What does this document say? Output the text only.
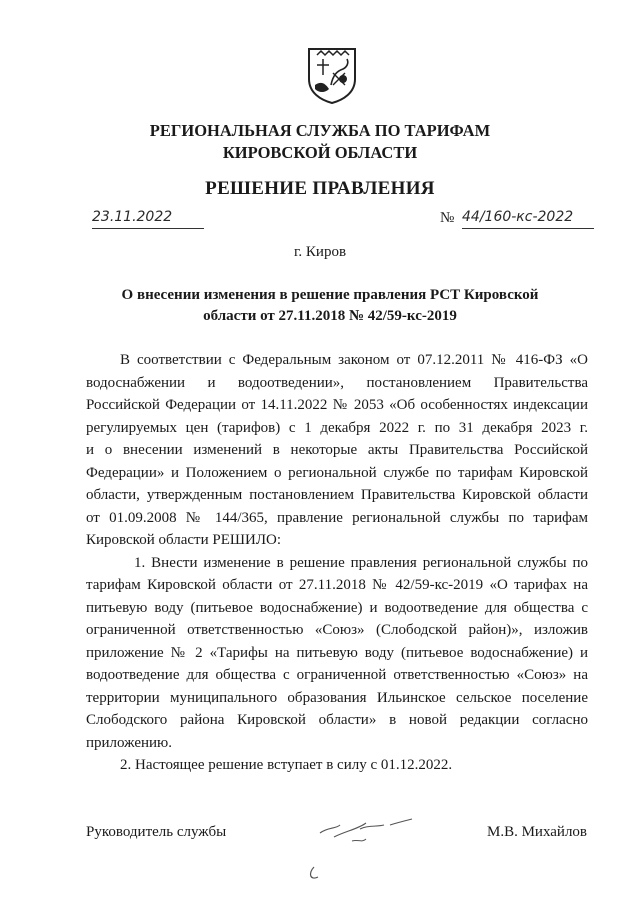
РЕГИОНАЛЬНАЯ СЛУЖБА ПО ТАРИФАМ
КИРОВСКОЙ ОБЛАСТИ
РЕШЕНИЕ ПРАВЛЕНИЯ
23.11.2022	№ 44/160-кс-2022
г. Киров
О внесении изменения в решение правления РСТ Кировской
области от 27.11.2018 № 42/59-кс-2019
В соответствии с Федеральным законом от 07.12.2011 № 416-ФЗ «О
водоснабжении и водоотведении», постановлением Правительства
Российской Федерации от 14.11.2022 № 2053 «Об особенностях индексации
регулируемых цен (тарифов) с 1 декабря 2022 г. по 31 декабря 2023 г.
и о внесении изменений в некоторые акты Правительства Российской
Федерации» и Положением о региональной службе по тарифам Кировской
области, утвержденным постановлением Правительства Кировской области
от 01.09.2008 № 144/365, правление региональной службы по тарифам
Кировской области РЕШИЛО:
1. Внести изменение в решение правления региональной службы по
тарифам Кировской области от 27.11.2018 № 42/59-кс-2019 «О тарифах на
питьевую воду (питьевое водоснабжение) и водоотведение для общества с
ограниченной ответственностью «Союз» (Слободской район)», изложив
приложение № 2 «Тарифы на питьевую воду (питьевое водоснабжение) и
водоотведение для общества с ограниченной ответственностью «Союз» на
территории муниципального образования Ильинское сельское поселение
Слободского района Кировской области» в новой редакции согласно
приложению.
2. Настоящее решение вступает в силу с 01.12.2022.
Руководитель службы	М.В. Михайлов
